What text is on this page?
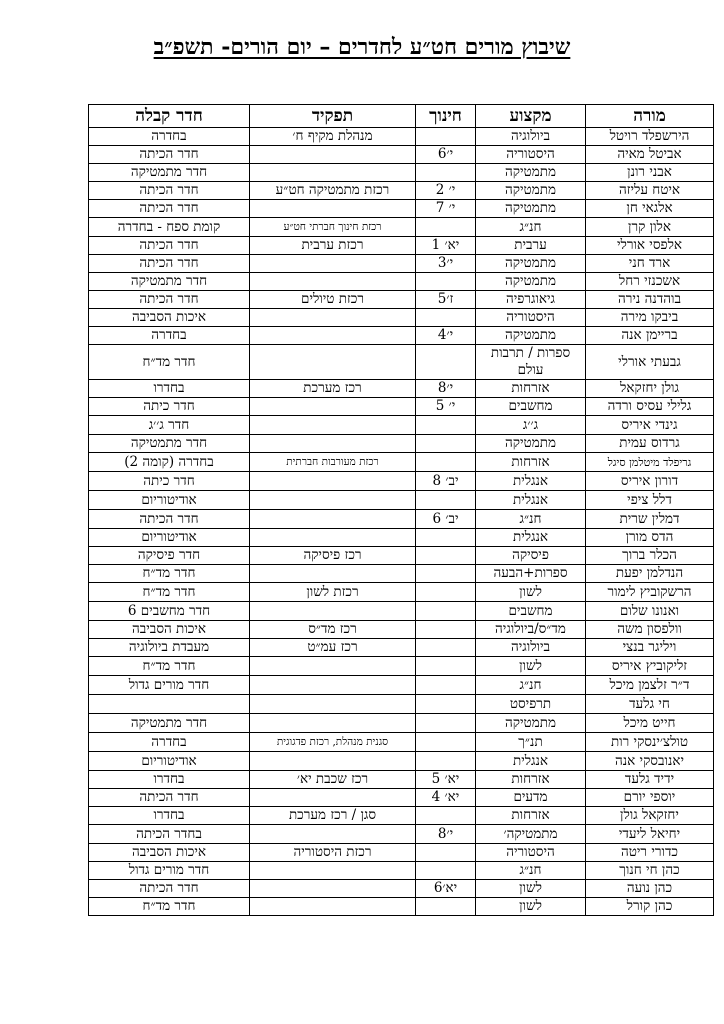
שיבוץ מורים חט״ע לחדרים – יום הורים- תשפ״ב
מורה	מקצוע	חינוך	תפקיד	חדר קבלה
הירשפלד רויטל	ביולוגיה		מנהלת מקיף ח׳	בחדרה
אביטל מאיה	היסטוריה	י׳6		חדר הכיתה
אבני רונן	מתמטיקה			חדר מתמטיקה
איטח עליזה	מתמטיקה	י׳ 2	רכזת מתמטיקה חט״ע	חדר הכיתה
אלגאי חן	מתמטיקה	י׳ 7		חדר הכיתה
אלון קרן	חנ״ג		רכזת חינוך חברתי חט״ע	קומת ספח - בחדרה
אלפסי אורלי	ערבית	יא׳ 1	רכזת ערבית	חדר הכיתה
ארד חני	מתמטיקה	י׳3		חדר הכיתה
אשכנזי רחל	מתמטיקה			חדר מתמטיקה
בוהדנה נירה	גיאוגרפיה	ז׳5	רכזת טיולים	חדר הכיתה
ביבקו מירה	היסטוריה			איכות הסביבה
בריימן אנה	מתמטיקה	י׳4		בחדרה
גבעתי אורלי	ספרות / תרבות עולם			חדר מד״ח
גולן יחזקאל	אזרחות	י׳8	רכז מערכת	בחדרו
גלילי עסיס ורדה	מחשבים	י׳ 5		חדר כיתה
גינדי איריס	ג׳׳ג			חדר ג׳׳ג
גרדוס עמית	מתמטיקה			חדר מתמטיקה
גריפלד מיטלמן סיגל	אזרחות		רכזת מעורבות חברתית	בחדרה (קומה 2)
דורון איריס	אנגלית	יב׳ 8		חדר כיתה
דלל ציפי	אנגלית			אודיטוריום
דמלין שרית	חנ״ג	יב׳ 6		חדר הכיתה
הדס מורן	אנגלית			אודיטוריום
הכלר ברוך	פיסיקה		רכז פיסיקה	חדר פיסיקה
הנדלמן יפעת	ספרות+הבעה			חדר מד״ח
הרשקוביץ לימור	לשון		רכזת לשון	חדר מד״ח
ואנונו שלום	מחשבים			חדר מחשבים 6
וולפסון משה	מד״ס/ביולוגיה		רכז מד״ס	איכות הסביבה
ויליגר בנצי	ביולוגיה		רכז עמ״ט	מעבדת ביולוגיה
זליקוביץ איריס	לשון			חדר מד״ח
ד״ר זלצמן מיכל	חנ״ג			חדר מורים גדול
חי גלעד	תרפיסט			
חייט מיכל	מתמטיקה			חדר מתמטיקה
טולצ׳ינסקי רות	תנ״ך		סגנית מנהלת, רכזת פדגוגית	בחדרה
יאנובסקי אנה	אנגלית			אודיטוריום
ידיד גלעד	אזרחות	יא׳ 5	רכז שכבת יא׳	בחדרו
יוספי יורם	מדעים	יא׳ 4		חדר הכיתה
יחזקאל גולן	אזרחות		סגן / רכז מערכת	בחדרו
יחיאל ליעדי	מתמטיקה׳	י׳8		בחדר הכיתה
כדורי ריטה	היסטוריה		רכזת היסטוריה	איכות הסביבה
כהן חי חנוך	חנ״ג			חדר מורים גדול
כהן נועה	לשון	יא׳6		חדר הכיתה
כהן קורל	לשון			חדר מד״ח
